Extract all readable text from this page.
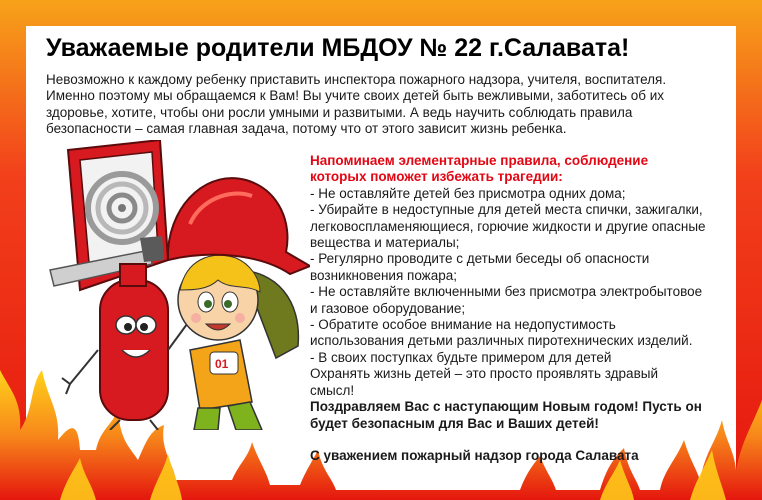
01
Уважаемые родители МБДОУ № 22 г.Салавата!
Невозможно к каждому ребенку приставить инспектора пожарного надзора, учителя, воспитателя.
Именно поэтому мы обращаемся к Вам! Вы учите своих детей быть вежливыми, заботитесь об их
здоровье, хотите, чтобы они росли умными и развитыми. А ведь научить соблюдать правила
безопасности – самая главная задача, потому что от этого зависит жизнь ребенка.
Напоминаем элементарные правила, соблюдение
которых поможет избежать трагедии:
- Не оставляйте детей без присмотра одних дома;
- Убирайте в недоступные для детей места спички, зажигалки,
легковоспламеняющиеся, горючие жидкости и другие опасные
вещества и материалы;
- Регулярно проводите с детьми беседы об опасности
возникновения пожара;
- Не оставляйте включенными без присмотра электробытовое
и газовое оборудование;
- Обратите особое внимание на недопустимость
использования детьми различных пиротехнических изделий.
- В своих поступках будьте примером для детей
Охранять жизнь детей – это просто проявлять здравый
смысл!
Поздравляем Вас с наступающим Новым годом! Пусть он
будет безопасным для Вас и Ваших детей!
С уважением пожарный надзор города Салавата
